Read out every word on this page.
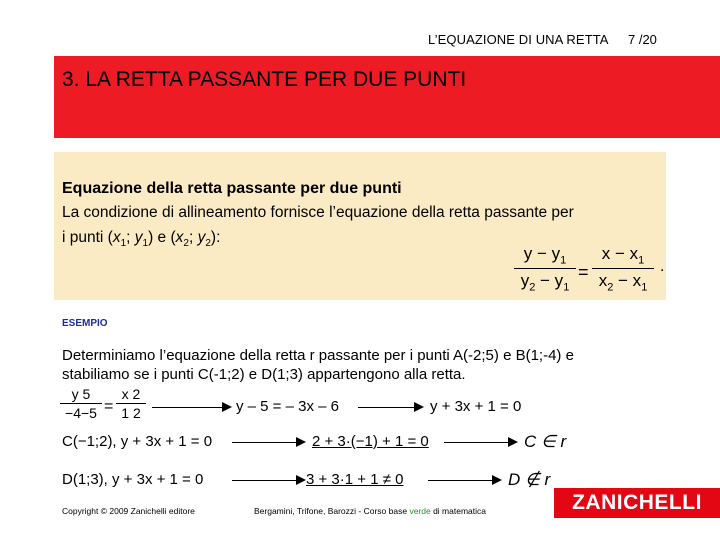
L’EQUAZIONE DI UNA RETTA 7 /20
3. LA RETTA PASSANTE PER DUE PUNTI
Equazione della retta passante per due punti
La condizione di allineamento fornisce l’equazione della retta passante per
i punti ($x_1$; $y_1$) e ($x_2$; $y_2$):
$y - y_1$
$y_2 - y_1$
=
$x - x_1$
$x_2 - x_1$
.
ESEMPIO
Determiniamo l’equazione della retta r passante per i punti A(-2;5) e B(1;-4) e
stabiliamo se i punti C(-1;2) e D(1;3) appartengono alla retta.
y 5
−4−5 =
x 2
1 2	y – 5 = – 3x – 6	y + 3x + 1 = 0
C(−1;2), y + 3x + 1 = 0	2 + 3·(−1) + 1 = 0	C ∈ r
D(1;3), y + 3x + 1 = 0	3 + 3·1 + 1 ≠ 0	D ∉ r
Copyright © 2009 Zanichelli editore	Bergamini, Trifone, Barozzi - Corso base verde di matematica	ZANICHELLI
